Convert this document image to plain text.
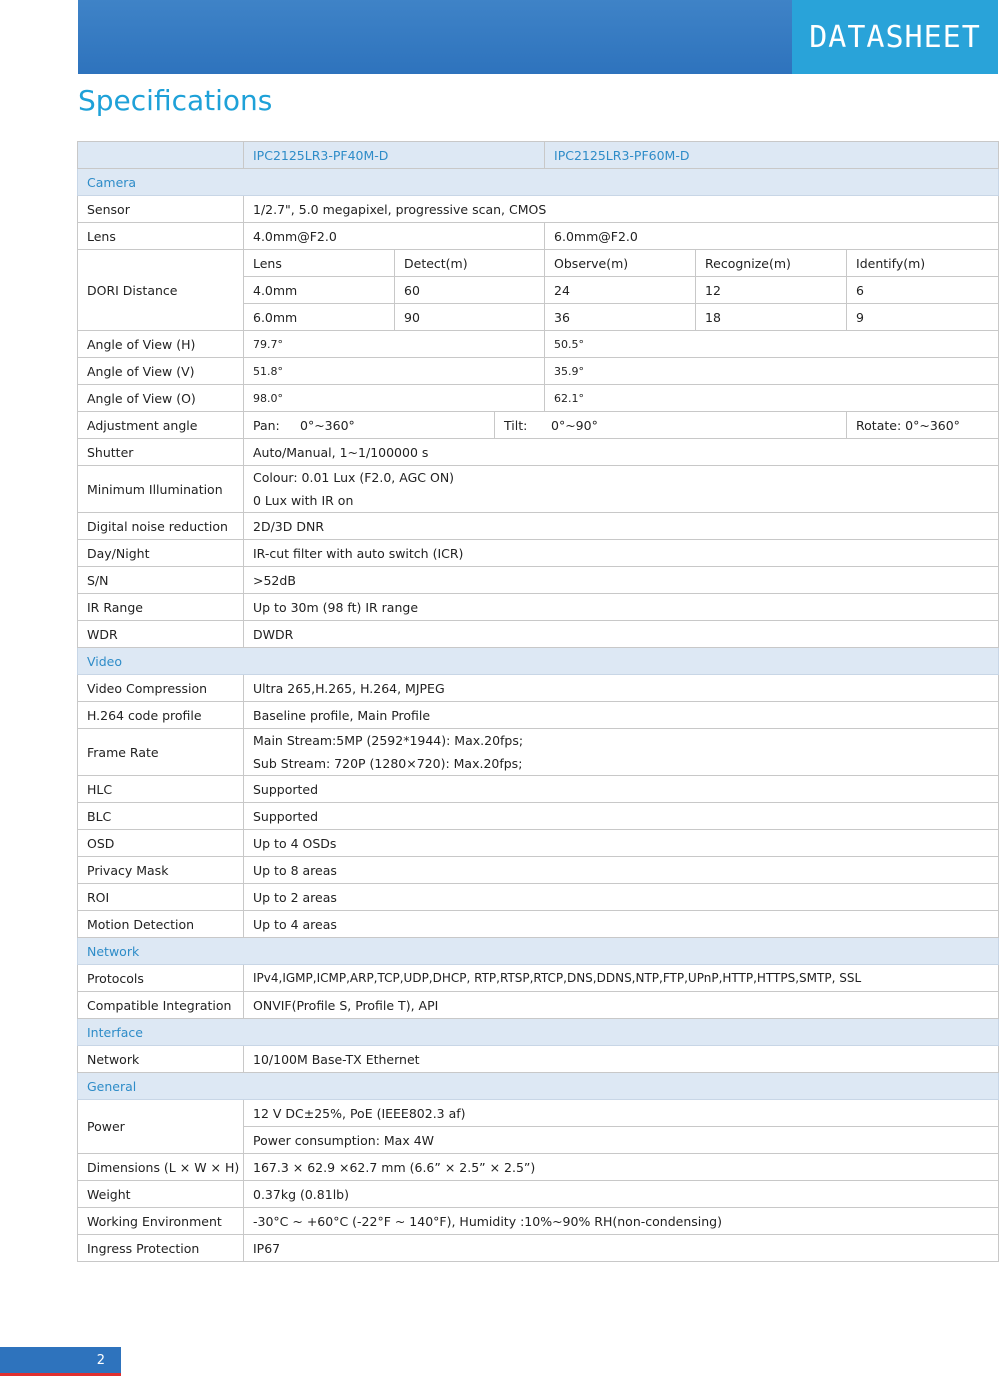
DATASHEET
Specifications
	IPC2125LR3-PF40M-D			IPC2125LR3-PF60M-D		
Camera						
Sensor	1/2.7", 5.0 megapixel, progressive scan, CMOS					
Lens	4.0mm@F2.0			6.0mm@F2.0		
DORI Distance	Lens	Detect(m)		Observe(m)	Recognize(m)	Identify(m)
	4.0mm	60		24	12	6
	6.0mm	90		36	18	9
Angle of View (H)	79.7°			50.5°		
Angle of View (V)	51.8°			35.9°		
Angle of View (O)	98.0°			62.1°		
Adjustment angle	Pan: 0°~360°		Tilt: 0°~90°			Rotate: 0°~360°
Shutter	Auto/Manual, 1~1/100000 s					
Minimum Illumination	Colour: 0.01 Lux (F2.0, AGC ON)
0 Lux with IR on					

Digital noise reduction	2D/3D DNR					
Day/Night	IR-cut filter with auto switch (ICR)					
S/N	>52dB					
IR Range	Up to 30m (98 ft) IR range					
WDR	DWDR					
Video						
Video Compression	Ultra 265,H.265, H.264, MJPEG					
H.264 code profile	Baseline profile, Main Profile					
Frame Rate	Main Stream:5MP (2592*1944): Max.20fps;
Sub Stream: 720P (1280×720): Max.20fps;					

HLC	Supported					
BLC	Supported					
OSD	Up to 4 OSDs					
Privacy Mask	Up to 8 areas					
ROI	Up to 2 areas					
Motion Detection	Up to 4 areas					
Network						
Protocols	IPv4,IGMP,ICMP,ARP,TCP,UDP,DHCP, RTP,RTSP,RTCP,DNS,DDNS,NTP,FTP,UPnP,HTTP,HTTPS,SMTP, SSL					
Compatible Integration	ONVIF(Profile S, Profile T), API					
Interface						
Network	10/100M Base-TX Ethernet					
General						
Power	12 V DC±25%, PoE (IEEE802.3 af)					
	Power consumption: Max 4W					
Dimensions (L × W × H)	167.3 × 62.9 ×62.7 mm (6.6” × 2.5” × 2.5”)					
Weight	0.37kg (0.81lb)					
Working Environment	-30°C ~ +60°C (-22°F ~ 140°F), Humidity :10%~90% RH(non-condensing)					
Ingress Protection	IP67					
2
